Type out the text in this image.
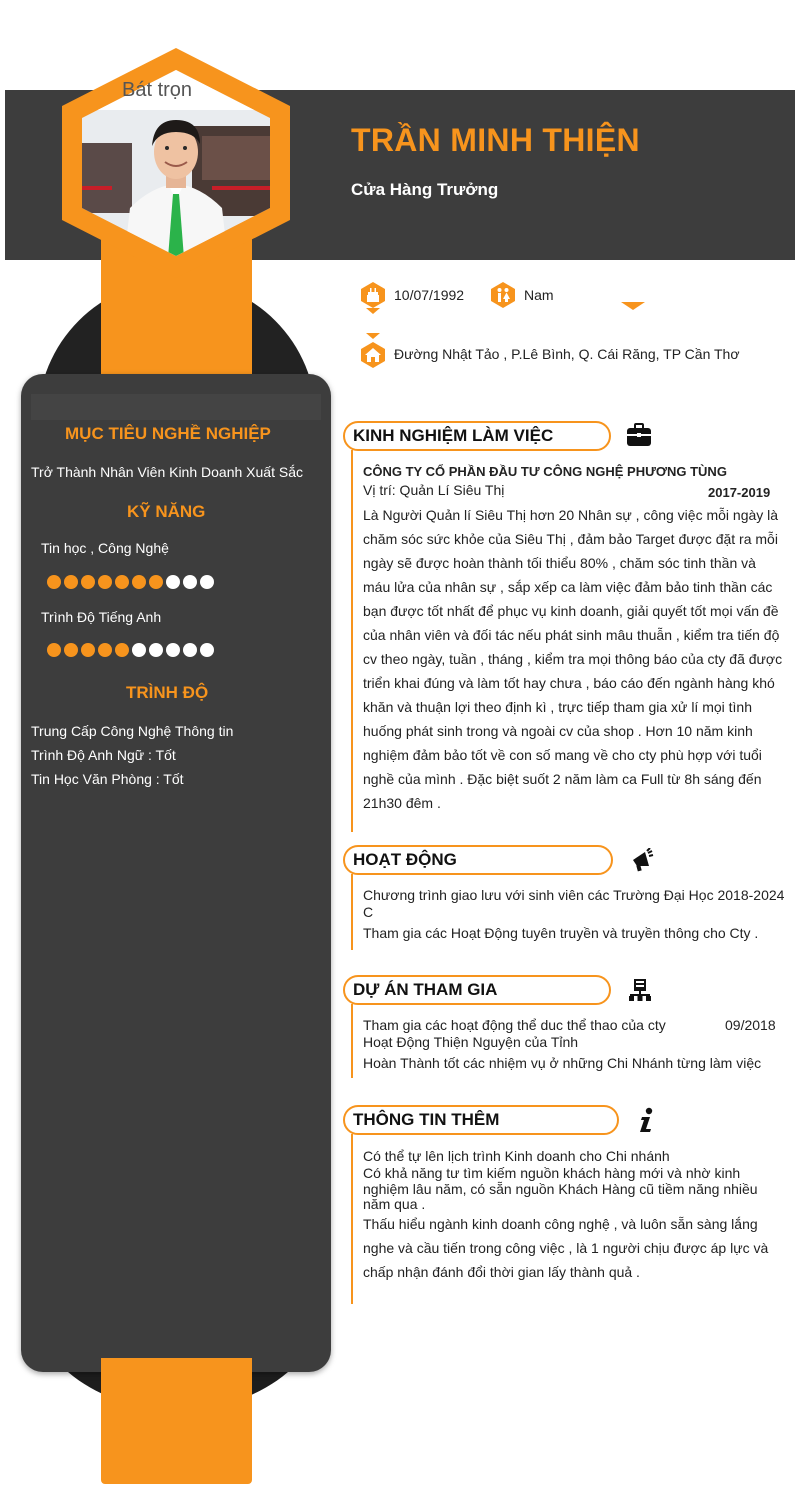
Bát trọn
TRẦN MINH THIỆN
Cửa Hàng Trưởng
10/07/1992	Nam
Đường Nhật Tảo , P.Lê Bình, Q. Cái Răng, TP Cần Thơ
MỤC TIÊU NGHỀ NGHIỆP
Trở Thành Nhân Viên Kinh Doanh Xuất Sắc
KỸ NĂNG
Tin học , Công Nghệ
Trình Độ Tiếng Anh
TRÌNH ĐỘ
Trung Cấp Công Nghệ Thông tin
Trình Độ Anh Ngữ : Tốt
Tin Học Văn Phòng : Tốt
KINH NGHIỆM LÀM VIỆC
CÔNG TY CỔ PHẦN ĐẦU TƯ CÔNG NGHỆ PHƯƠNG TÙNG
Vị trí: Quản Lí Siêu Thị	2017-2019
Là Người Quản lí Siêu Thị hơn 20 Nhân sự , công việc mỗi ngày là
chăm sóc sức khỏe của Siêu Thị , đảm bảo Target được đặt ra mỗi
ngày sẽ được hoàn thành tối thiểu 80% , chăm sóc tinh thần và
máu lửa của nhân sự , sắp xếp ca làm việc đảm bảo tinh thần các
bạn được tốt nhất để phục vụ kinh doanh, giải quyết tốt mọi vấn đề
của nhân viên và đối tác nếu phát sinh mâu thuẫn , kiểm tra tiến độ
cv theo ngày, tuần , tháng , kiểm tra mọi thông báo của cty đã được
triển khai đúng và làm tốt hay chưa , báo cáo đến ngành hàng khó
khăn và thuận lợi theo định kì , trực tiếp tham gia xử lí mọi tình
huống phát sinh trong và ngoài cv của shop . Hơn 10 năm kinh
nghiệm đảm bảo tốt về con số mang về cho cty phù hợp với tuổi
nghề của mình . Đặc biệt suốt 2 năm làm ca Full từ 8h sáng đến
21h30 đêm .
HOẠT ĐỘNG
Chương trình giao lưu với sinh viên các Trường Đại Học 2018-2024
C
Tham gia các Hoạt Động tuyên truyền và truyền thông cho Cty .
DỰ ÁN THAM GIA
Tham gia các hoạt động thể duc thể thao của cty	09/2018
Hoạt Động Thiện Nguyện của Tỉnh
Hoàn Thành tốt các nhiệm vụ ở những Chi Nhánh từng làm việc
THÔNG TIN THÊM
Có thể tự lên lịch trình Kinh doanh cho Chi nhánh
Có khả năng tư tìm kiếm nguồn khách hàng mới và nhờ kinh
nghiệm lâu năm, có sẵn nguồn Khách Hàng cũ tiềm năng nhiều
năm qua .
Thấu hiểu ngành kinh doanh công nghệ , và luôn sẵn sàng lắng
nghe và cầu tiến trong công việc , là 1 người chịu được áp lực và
chấp nhận đánh đổi thời gian lấy thành quả .
